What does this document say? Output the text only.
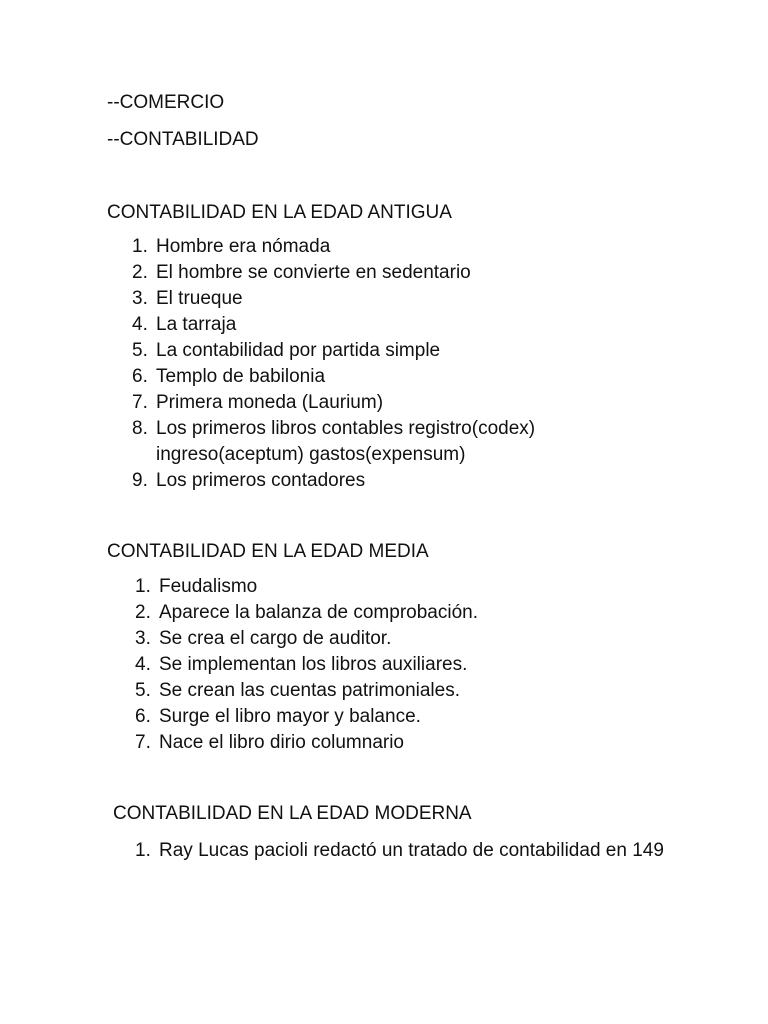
--COMERCIO
--CONTABILIDAD
CONTABILIDAD EN LA EDAD ANTIGUA
1. Hombre era nómada
2. El hombre se convierte en sedentario
3. El trueque
4. La tarraja
5. La contabilidad por partida simple
6. Templo de babilonia
7. Primera moneda (Laurium)
8. Los primeros libros contables registro(codex) ingreso(aceptum) gastos(expensum)
9. Los primeros contadores
CONTABILIDAD EN LA EDAD MEDIA
1. Feudalismo
2. Aparece la balanza de comprobación.
3. Se crea el cargo de auditor.
4. Se implementan los libros auxiliares.
5. Se crean las cuentas patrimoniales.
6. Surge el libro mayor y balance.
7. Nace el libro dirio columnario
CONTABILIDAD EN LA EDAD MODERNA
1. Ray Lucas pacioli redactó un tratado de contabilidad en 149
